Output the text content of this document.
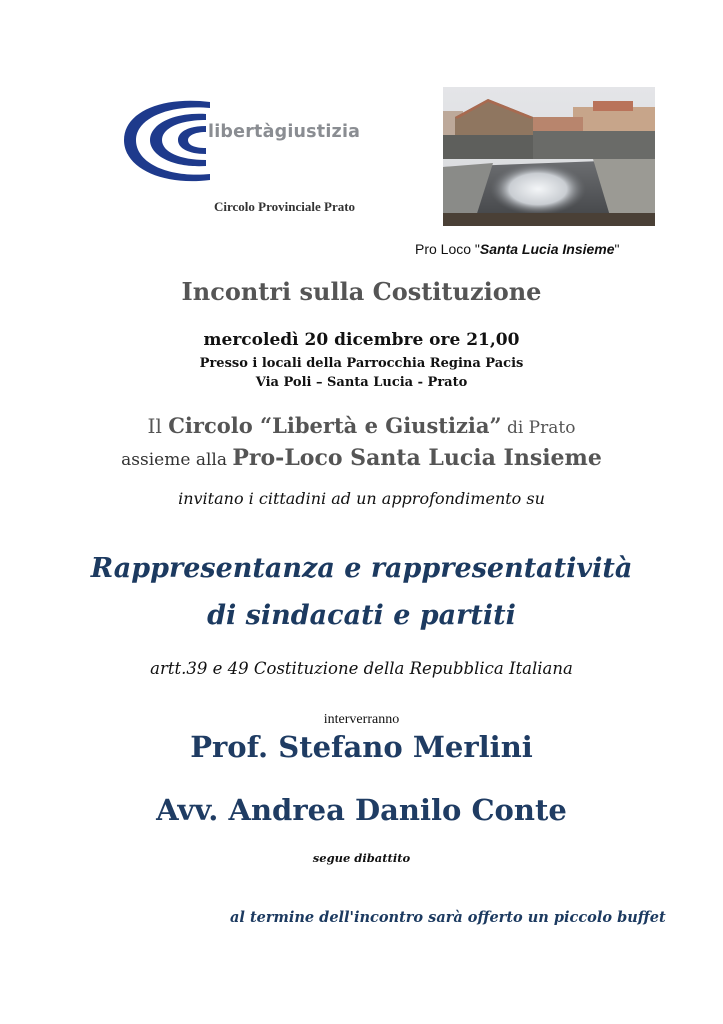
libertàgiustizia
Circolo Provinciale Prato
Pro Loco "Santa Lucia Insieme"
Incontri sulla Costituzione
mercoledì 20 dicembre ore 21,00
Presso i locali della Parrocchia Regina Pacis
Via Poli – Santa Lucia - Prato
Il Circolo “Libertà e Giustizia” di Prato
assieme alla Pro-Loco Santa Lucia Insieme
invitano i cittadini ad un approfondimento su
Rappresentanza e rappresentatività
di sindacati e partiti
artt.39 e 49 Costituzione della Repubblica Italiana
interverranno
Prof. Stefano Merlini
Avv. Andrea Danilo Conte
segue dibattito
al termine dell'incontro sarà offerto un piccolo buffet
